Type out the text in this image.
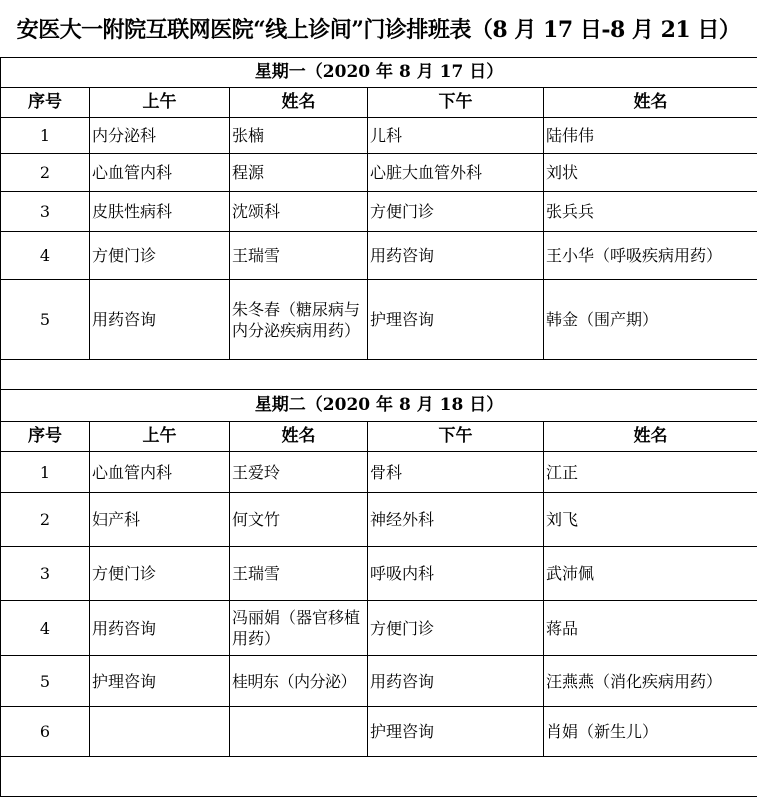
安医大一附院互联网医院“线上诊间”门诊排班表（8 月 17 日-8 月 21 日）
星期一（2020 年 8 月 17 日）				
序号	上午	姓名	下午	姓名
1	内分泌科	张楠	儿科	陆伟伟
2	心血管内科	程源	心脏大血管外科	刘状
3	皮肤性病科	沈颂科	方便门诊	张兵兵
4	方便门诊	王瑞雪	用药咨询	王小华（呼吸疾病用药）
5	用药咨询	朱冬春（糖尿病与内分泌疾病用药）	护理咨询	韩金（围产期）

星期二（2020 年 8 月 18 日）				
序号	上午	姓名	下午	姓名
1	心血管内科	王爱玲	骨科	江正
2	妇产科	何文竹	神经外科	刘飞
3	方便门诊	王瑞雪	呼吸内科	武沛佩
4	用药咨询	冯丽娟（器官移植用药）	方便门诊	蒋品
5	护理咨询	桂明东（内分泌）	用药咨询	汪燕燕（消化疾病用药）
6			护理咨询	肖娟（新生儿）
